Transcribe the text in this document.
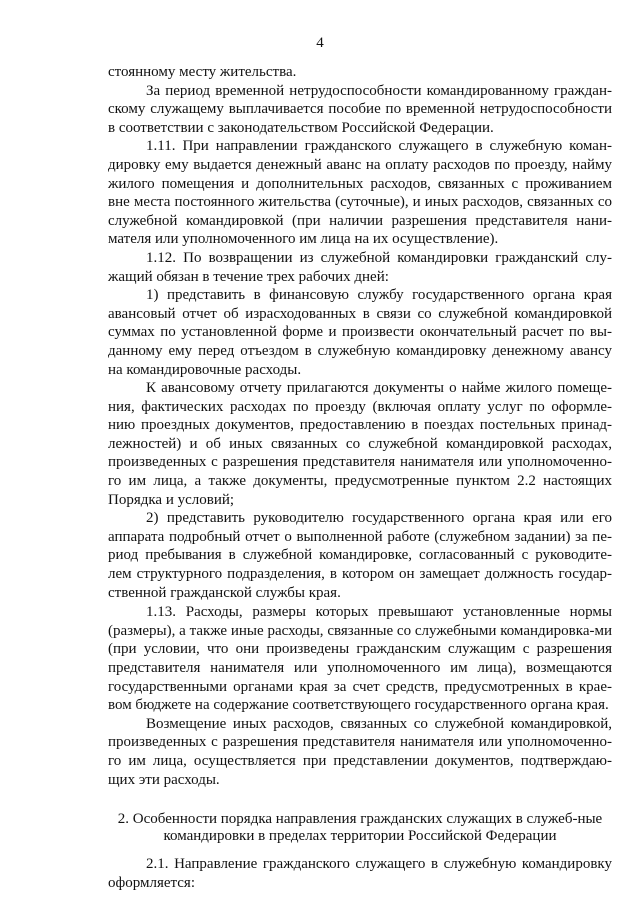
4

стоянному месту жительства.

За период временной нетрудоспособности командированному граждан-скому служащему выплачивается пособие по временной нетрудоспособности в соответствии с законодательством Российской Федерации.

1.11. При направлении гражданского служащего в служебную коман-дировку ему выдается денежный аванс на оплату расходов по проезду, найму жилого помещения и дополнительных расходов, связанных с проживанием вне места постоянного жительства (суточные), и иных расходов, связанных со служебной командировкой (при наличии разрешения представителя нани-мателя или уполномоченного им лица на их осуществление).

1.12. По возвращении из служебной командировки гражданский слу-жащий обязан в течение трех рабочих дней:

1) представить в финансовую службу государственного органа края авансовый отчет об израсходованных в связи со служебной командировкой суммах по установленной форме и произвести окончательный расчет по вы-данному ему перед отъездом в служебную командировку денежному авансу на командировочные расходы.

К авансовому отчету прилагаются документы о найме жилого помеще-ния, фактических расходах по проезду (включая оплату услуг по оформле-нию проездных документов, предоставлению в поездах постельных принад-лежностей) и об иных связанных со служебной командировкой расходах, произведенных с разрешения представителя нанимателя или уполномоченно-го им лица, а также документы, предусмотренные пунктом 2.2 настоящих Порядка и условий;

2) представить руководителю государственного органа края или его аппарата подробный отчет о выполненной работе (служебном задании) за пе-риод пребывания в служебной командировке, согласованный с руководите-лем структурного подразделения, в котором он замещает должность государ-ственной гражданской службы края.

1.13. Расходы, размеры которых превышают установленные нормы (размеры), а также иные расходы, связанные со служебными командировка-ми (при условии, что они произведены гражданским служащим с разрешения представителя нанимателя или уполномоченного им лица), возмещаются государственными органами края за счет средств, предусмотренных в крае-вом бюджете на содержание соответствующего государственного органа края.

Возмещение иных расходов, связанных со служебной командировкой, произведенных с разрешения представителя нанимателя или уполномоченно-го им лица, осуществляется при представлении документов, подтверждаю-щих эти расходы.

2. Особенности порядка направления гражданских служащих в служеб-ные командировки в пределах территории Российской Федерации

2.1. Направление гражданского служащего в служебную командировку оформляется:
